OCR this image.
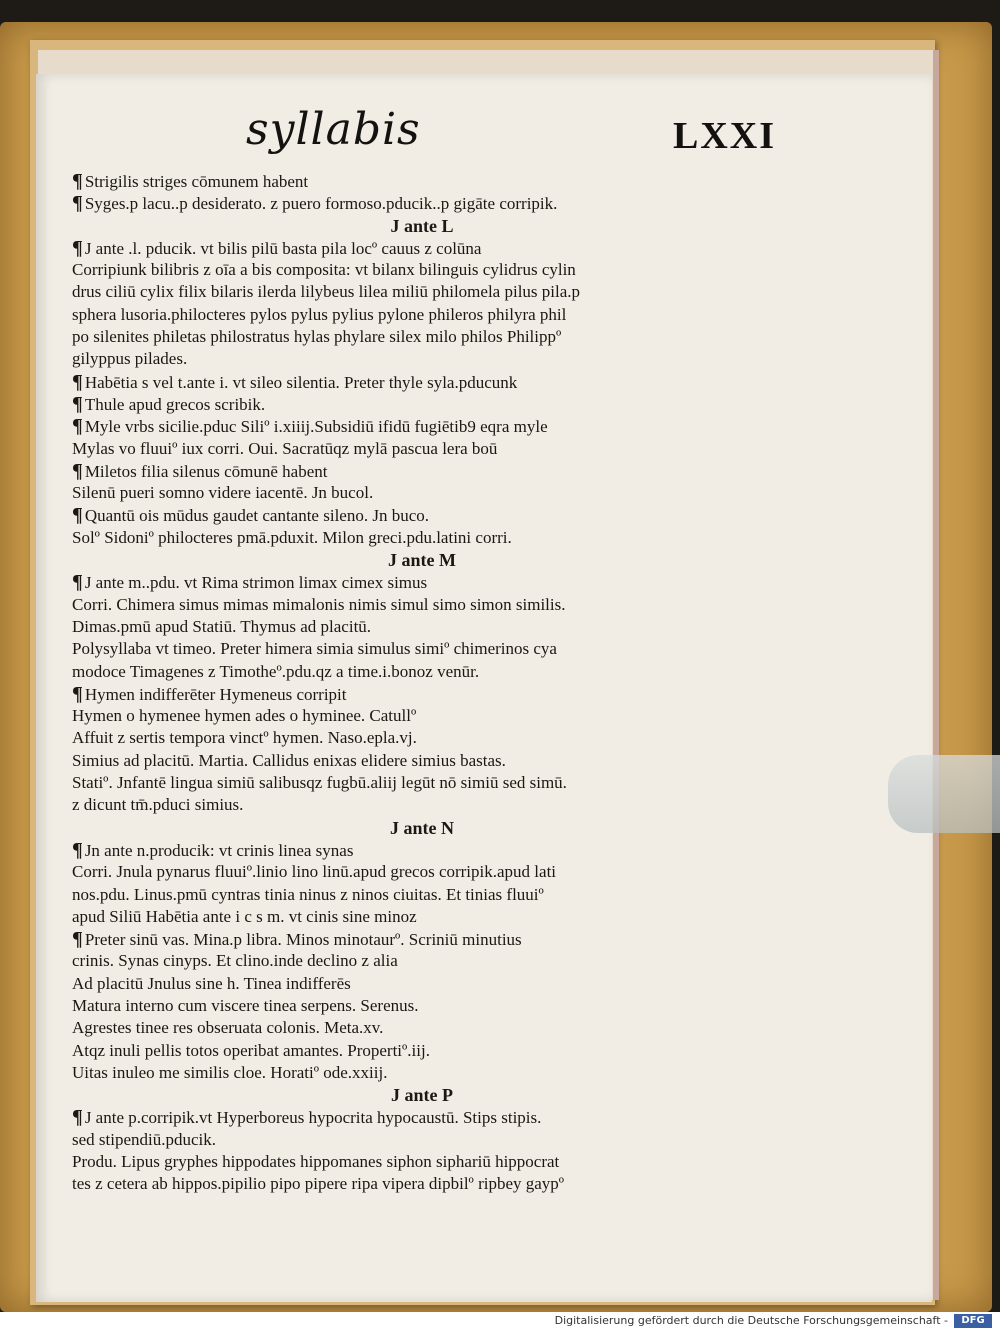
syllabis	LXXI
¶ Strigilis striges cōmunem habent
¶ Syges.p lacu..p desiderato. z puero formoso.pducik..p gigāte corripik.
J ante L
¶ J ante .l. pducik. vt bilis pilū basta pila locº cauus z colūna
Corripiunk bilibris z oīa a bis composita: vt bilanx bilinguis cylidrus cylin
drus ciliū cylix filix bilaris ilerda lilybeus lilea miliū philomela pilus pila.p
sphera lusoria.philocteres pylos pylus pylius pylone phileros philyra phil
po silenites philetas philostratus hylas phylare silex milo philos Philippº
gilyppus pilades.
¶ Habētia s vel t.ante i. vt sileo silentia. Preter thyle syla.pducunk
¶ Thule apud grecos scribik.
¶ Myle vrbs sicilie.pduc Siliº i.xiiij.Subsidiū ifidū fugiētib9 eqra myle
Mylas vo fluuiº iux corri. Oui. Sacratūqz mylā pascua lera boū
¶ Miletos filia silenus cōmunē habent
Silenū pueri somno videre iacentē. Jn bucol.
¶ Quantū ois mūdus gaudet cantante sileno. Jn buco.
Solº Sidoniº philocteres pmā.pduxit. Milon greci.pdu.latini corri.
J ante M
¶ J ante m..pdu. vt Rima strimon limax cimex simus
Corri. Chimera simus mimas mimalonis nimis simul simo simon similis.
Dimas.pmū apud Statiū. Thymus ad placitū.
Polysyllaba vt timeo. Preter himera simia simulus simiº chimerinos cya
modoce Timagenes z Timotheº.pdu.qz a time.i.bonoz venūr.
¶ Hymen indifferēter Hymeneus corripit
Hymen o hymenee hymen ades o hyminee. Catullº
Affuit z sertis tempora vinctº hymen. Naso.epla.vj.
Simius ad placitū. Martia. Callidus enixas elidere simius bastas.
Statiº. Jnfantē lingua simiū salibusqz fugbū.aliij legūt nō simiū sed simū.
z dicunt tm̄.pduci simius.
J ante N
¶ Jn ante n.producik: vt crinis linea synas
Corri. Jnula pynarus fluuiº.linio lino linū.apud grecos corripik.apud lati
nos.pdu. Linus.pmū cyntras tinia ninus z ninos ciuitas. Et tinias fluuiº
apud Siliū Habētia ante i c s m. vt cinis sine minoz
¶ Preter sinū vas. Mina.p libra. Minos minotaurº. Scriniū minutius
crinis. Synas cinyps. Et clino.inde declino z alia
Ad placitū Jnulus sine h. Tinea indifferēs
Matura interno cum viscere tinea serpens. Serenus.
Agrestes tinee res obseruata colonis. Meta.xv.
Atqz inuli pellis totos operibat amantes. Propertiº.iij.
Uitas inuleo me similis cloe. Horatiº ode.xxiij.
J ante P
¶ J ante p.corripik.vt Hyperboreus hypocrita hypocaustū. Stips stipis.
sed stipendiū.pducik.
Produ. Lipus gryphes hippodates hippomanes siphon siphariū hippocrat
tes z cetera ab hippos.pipilio pipo pipere ripa vipera dipbilº ripbey gaypº
Digitalisierung gefördert durch die Deutsche Forschungsgemeinschaft -	DFG
